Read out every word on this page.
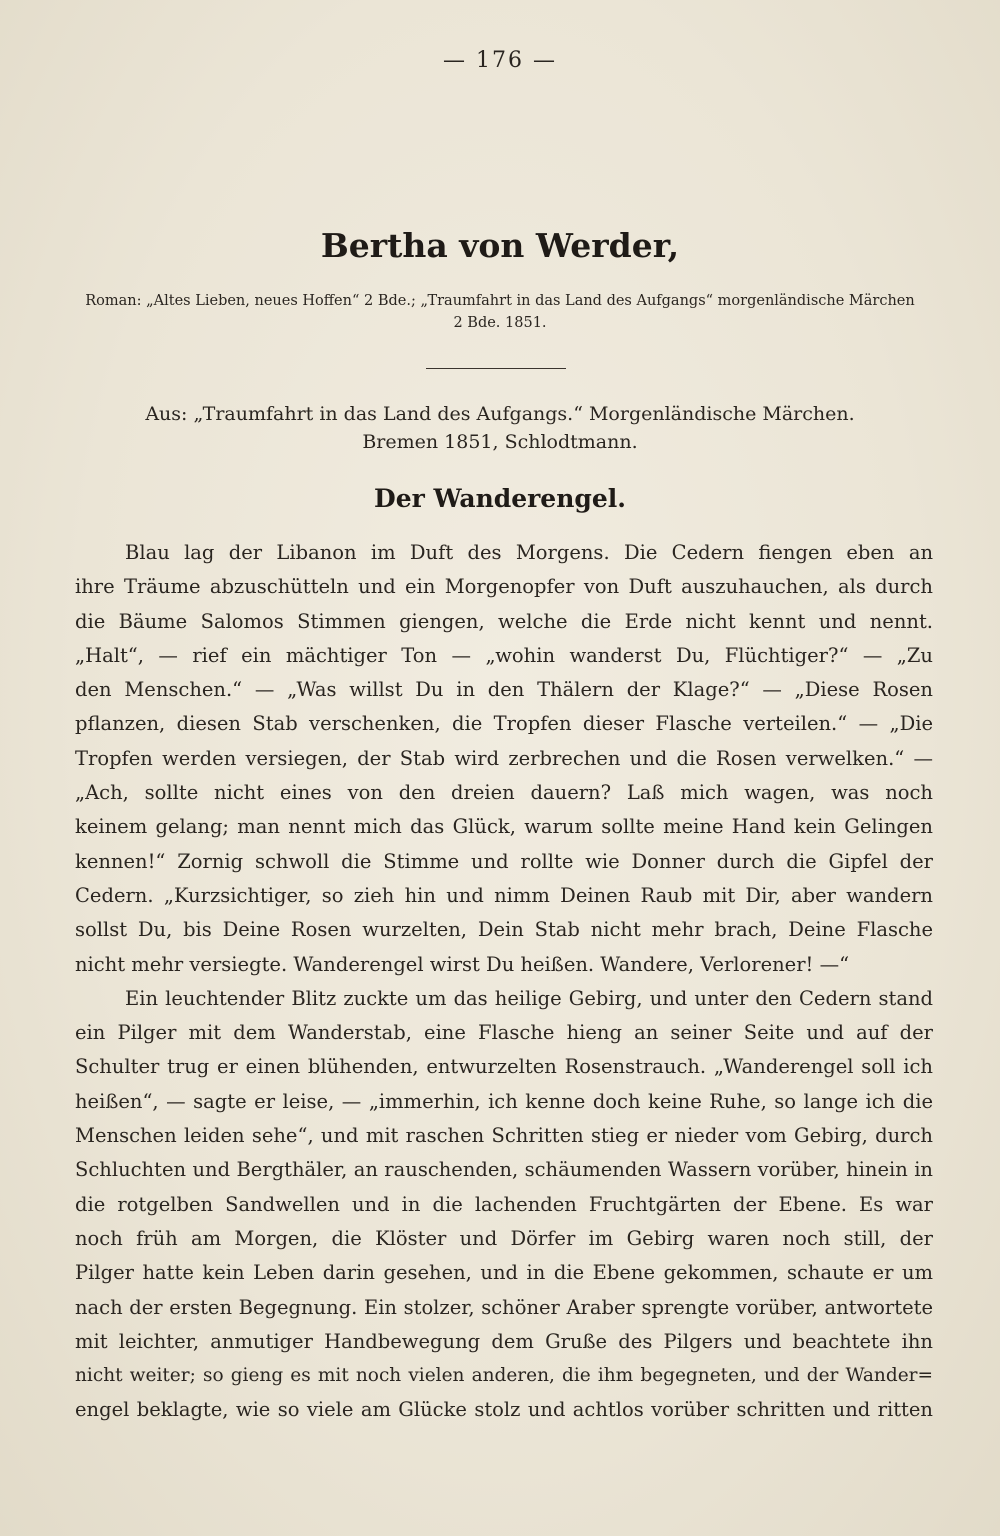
— 176 —
Bertha von Werder,
Roman: „Altes Lieben, neues Hoffen“ 2 Bde.; „Traumfahrt in das Land des Aufgangs“ morgenländische Märchen
2 Bde. 1851.
Aus: „Traumfahrt in das Land des Aufgangs.“ Morgenländische Märchen.
Bremen 1851, Schlodtmann.
Der Wanderengel.
Blau lag der Libanon im Duft des Morgens. Die Cedern fiengen eben an
ihre Träume abzuschütteln und ein Morgenopfer von Duft auszuhauchen, als durch
die Bäume Salomos Stimmen giengen, welche die Erde nicht kennt und nennt.
„Halt“, — rief ein mächtiger Ton — „wohin wanderst Du, Flüchtiger?“ — „Zu
den Menschen.“ — „Was willst Du in den Thälern der Klage?“ — „Diese Rosen
pflanzen, diesen Stab verschenken, die Tropfen dieser Flasche verteilen.“ — „Die
Tropfen werden versiegen, der Stab wird zerbrechen und die Rosen verwelken.“ —
„Ach, sollte nicht eines von den dreien dauern? Laß mich wagen, was noch
keinem gelang; man nennt mich das Glück, warum sollte meine Hand kein Gelingen
kennen!“ Zornig schwoll die Stimme und rollte wie Donner durch die Gipfel der
Cedern. „Kurzsichtiger, so zieh hin und nimm Deinen Raub mit Dir, aber wandern
sollst Du, bis Deine Rosen wurzelten, Dein Stab nicht mehr brach, Deine Flasche
nicht mehr versiegte. Wanderengel wirst Du heißen. Wandere, Verlorener! —“
Ein leuchtender Blitz zuckte um das heilige Gebirg, und unter den Cedern stand
ein Pilger mit dem Wanderstab, eine Flasche hieng an seiner Seite und auf der
Schulter trug er einen blühenden, entwurzelten Rosenstrauch. „Wanderengel soll ich
heißen“, — sagte er leise, — „immerhin, ich kenne doch keine Ruhe, so lange ich die
Menschen leiden sehe“, und mit raschen Schritten stieg er nieder vom Gebirg, durch
Schluchten und Bergthäler, an rauschenden, schäumenden Wassern vorüber, hinein in
die rotgelben Sandwellen und in die lachenden Fruchtgärten der Ebene. Es war
noch früh am Morgen, die Klöster und Dörfer im Gebirg waren noch still, der
Pilger hatte kein Leben darin gesehen, und in die Ebene gekommen, schaute er um
nach der ersten Begegnung. Ein stolzer, schöner Araber sprengte vorüber, antwortete
mit leichter, anmutiger Handbewegung dem Gruße des Pilgers und beachtete ihn
nicht weiter; so gieng es mit noch vielen anderen, die ihm begegneten, und der Wander=
engel beklagte, wie so viele am Glücke stolz und achtlos vorüber schritten und ritten
